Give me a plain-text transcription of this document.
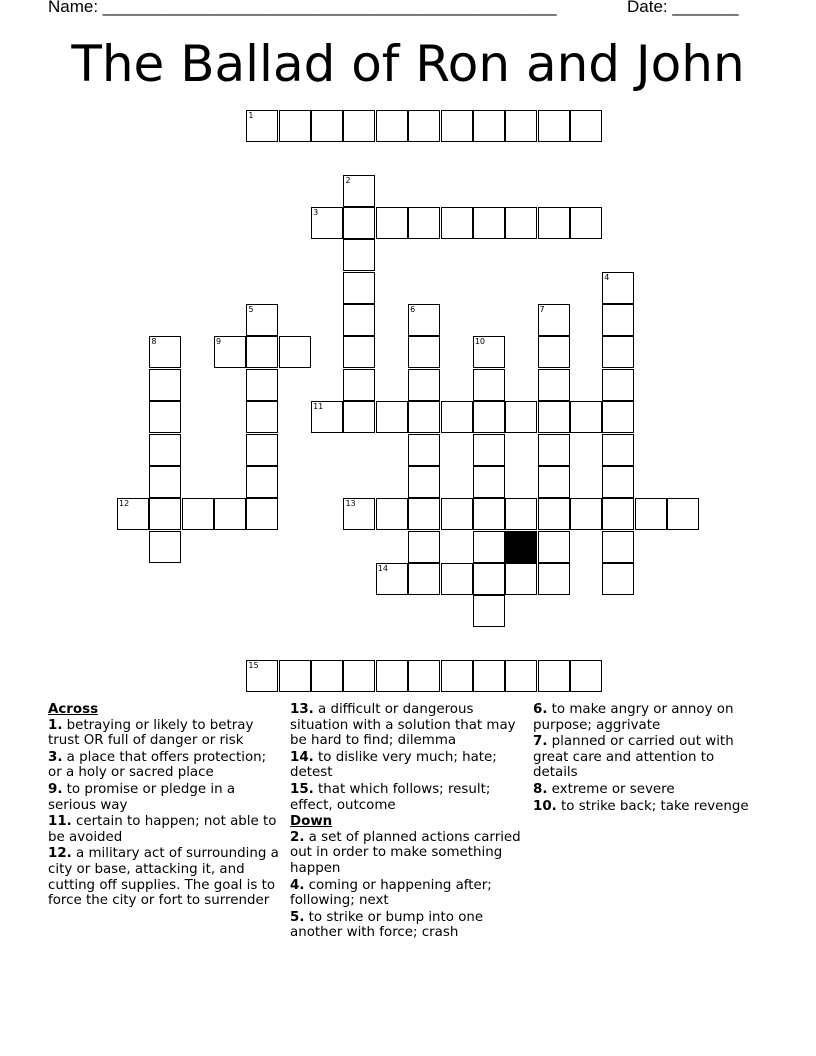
Name: ________________________________________________	Date: _______
The Ballad of Ron and John
1
2
3
4
5	6	7
8	9	10
11
12	13
14
15
Across
1. betraying or likely to betray trust OR full of danger or risk
3. a place that offers protection; or a holy or sacred place
9. to promise or pledge in a serious way
11. certain to happen; not able to be avoided
12. a military act of surrounding a city or base, attacking it, and cutting off supplies. The goal is to force the city or fort to surrender
13. a difficult or dangerous situation with a solution that may be hard to find; dilemma
14. to dislike very much; hate; detest
15. that which follows; result; effect, outcome
Down
2. a set of planned actions carried out in order to make something happen
4. coming or happening after; following; next
5. to strike or bump into one another with force; crash
6. to make angry or annoy on purpose; aggrivate
7. planned or carried out with great care and attention to details
8. extreme or severe
10. to strike back; take revenge
